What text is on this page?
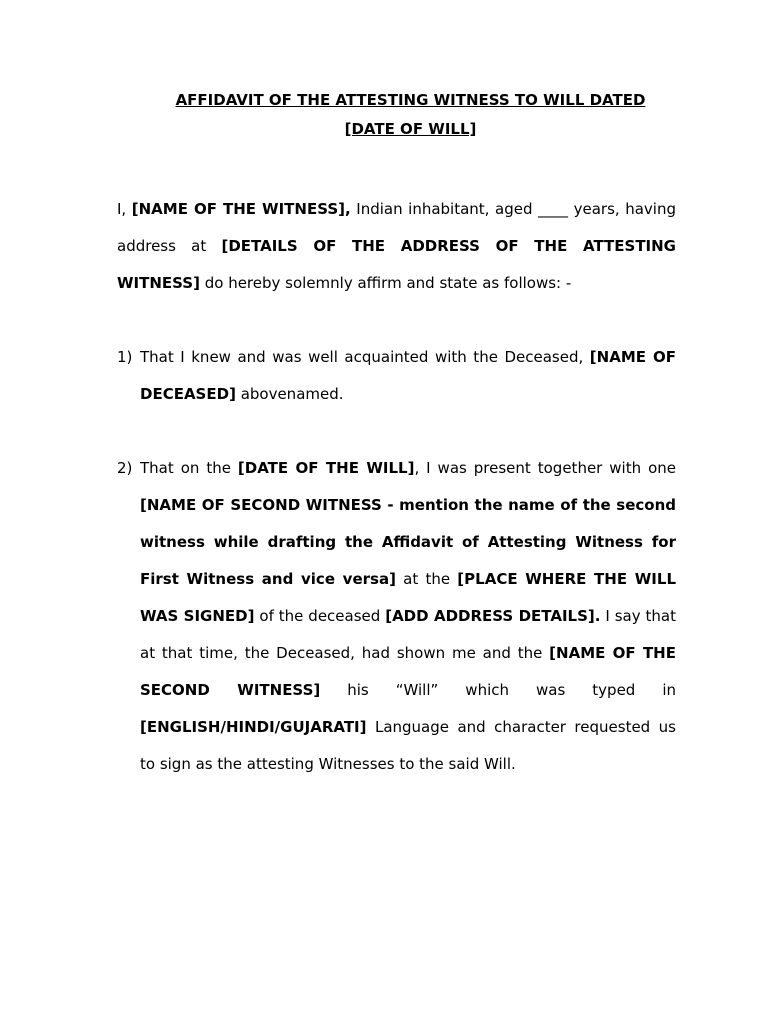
AFFIDAVIT OF THE ATTESTING WITNESS TO WILL DATED
[DATE OF WILL]

I, [NAME OF THE WITNESS], Indian inhabitant, aged ____ years, having address at [DETAILS OF THE ADDRESS OF THE ATTESTING WITNESS] do hereby solemnly affirm and state as follows: -

1) That I knew and was well acquainted with the Deceased, [NAME OF DECEASED] abovenamed.
2) That on the [DATE OF THE WILL], I was present together with one [NAME OF SECOND WITNESS - mention the name of the second witness while drafting the Affidavit of Attesting Witness for First Witness and vice versa] at the [PLACE WHERE THE WILL WAS SIGNED] of the deceased [ADD ADDRESS DETAILS]. I say that at that time, the Deceased, had shown me and the [NAME OF THE SECOND WITNESS] his “Will” which was typed in [ENGLISH/HINDI/GUJARATI] Language and character requested us to sign as the attesting Witnesses to the said Will.
